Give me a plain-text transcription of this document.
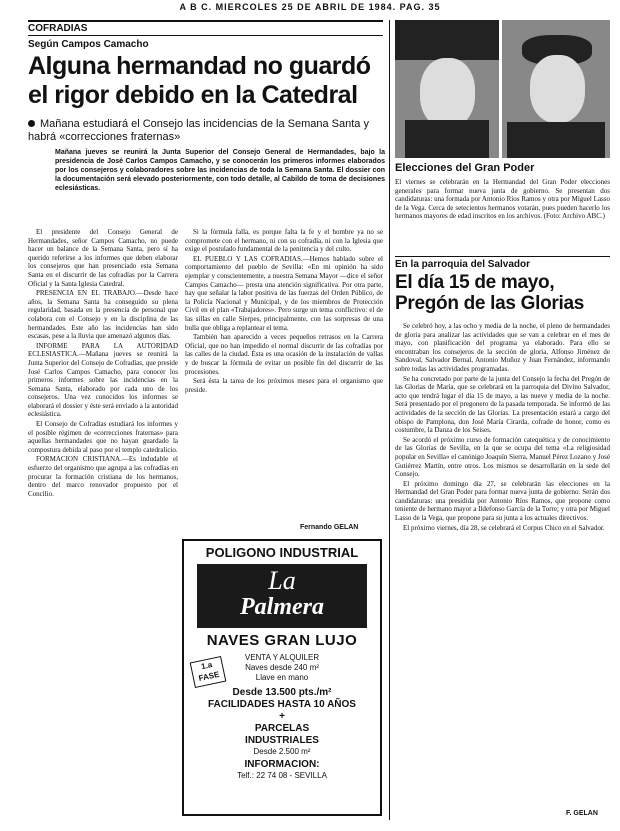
A B C. MIERCOLES 25 DE ABRIL DE 1984. PAG. 35
COFRADIAS
Según Campos Camacho
Alguna hermandad no guardó
el rigor debido en la Catedral
Mañana estudiará el Consejo las incidencias de la Semana Santa y habrá «correcciones fraternas»
Mañana jueves se reunirá la Junta Superior del Consejo General de Hermandades, bajo la presidencia de José Carlos Campos Camacho, y se conocerán los primeros informes elaborados por los consejeros y colaboradores sobre las incidencias de toda la Semana Santa. El dossier con la documentación será elevado posteriormente, con todo detalle, al Cabildo de toma de decisiones eclesiásticas.

El presidente del Consejo General de Hermandades, señor Campos Camacho, no puede hacer un balance de la Semana Santa, pero sí ha querido referirse a los informes que deben elaborar los consejeros que han presenciado esta Semana Santa en el discurrir de las cofradías por la Carrera Oficial y la Santa Iglesia Catedral.

PRESENCIA EN EL TRABAJO.—Desde hace años, la Semana Santa ha conseguido su plena regularidad, basada en la presencia de personal que colabora con el Consejo y en la disciplina de las hermandades. Este año las incidencias han sido escasas, pese a la lluvia que amenazó algunos días.

INFORME PARA LA AUTORIDAD ECLESIASTICA.—Mañana jueves se reunirá la Junta Superior del Consejo de Cofradías, que preside José Carlos Campos Camacho, para conocer los primeros informes sobre las incidencias en la Semana Santa, elaborado por cada uno de los consejeros. Una vez conocidos los informes se elaborará el dossier y éste será enviado a la autoridad eclesiástica.

El Consejo de Cofradías estudiará los informes y el posible régimen de «correcciones fraternas» para aquellas hermandades que no hayan guardado la compostura debida al paso por el templo catedralicio.

FORMACION CRISTIANA.—Es indudable el esfuerzo del organismo que agrupa a las cofradías en procurar la formación cristiana de los hermanos, dentro del marco renovador propuesto por el Concilio.

Si la fórmula falla, es porque falta la fe y el hombre ya no se compromete con el hermano, ni con su cofradía, ni con la Iglesia que exige el postulado fundamental de la penitencia y del culto.

EL PUEBLO Y LAS COFRADIAS.—Hemos hablado sobre el comportamiento del pueblo de Sevilla: «En mi opinión ha sido ejemplar y conscientemente, a nuestra Semana Mayor —dice el señor Campos Camacho— presta una atención significativa. Por otra parte, hay que señalar la labor positiva de las fuerzas del Orden Público, de la Policía Nacional y Municipal, y de los miembros de Protección Civil en el plan «Trabajadores». Pero surge un tema conflictivo: el de las sillas en calle Sierpes, principalmente, con las sorpresas de una bulla que obliga a replantear el tema.

También han aparecido a veces pequeños retrasos en la Carrera Oficial, que no han impedido el normal discurrir de las cofradías por las calles de la ciudad. Ésta es una ocasión de la instalación de vallas y de buscar la fórmula de evitar un posible fin del discurrir de las procesiones.

Será ésta la tarea de los próximos meses para el organismo que preside.

Fernando GELAN
Elecciones del Gran Poder
El viernes se celebrarán en la Hermandad del Gran Poder elecciones generales para formar nueva junta de gobierno. Se presentan dos candidaturas: una formada por Antonio Ríos Ramos y otra por Miguel Lasso de la Vega. Cerca de setecientos hermanos votarán, pues pueden hacerlo los hermanos mayores de edad inscritos en los archivos. (Foto: Archivo ABC.)
En la parroquia del Salvador
El día 15 de mayo,
Pregón de las Glorias

Se celebró hoy, a las ocho y media de la noche, el pleno de hermandades de gloria para analizar las actividades que se van a celebrar en el mes de mayo, con planificación del programa ya elaborado. Para ello se encontraban los consejeros de la sección de gloria, Alfonso Jiménez de Sandoval, Salvador Bernal, Antonio Muñoz y Juan Fernández, informando sobre todas las actividades programadas.

Se ha concretado por parte de la junta del Consejo la fecha del Pregón de las Glorias de María, que se celebrará en la parroquia del Divino Salvador, acto que tendrá lugar el día 15 de mayo, a las nueve y media de la noche. Será presentado por el pregonero de la pasada temporada. Se informó de las actividades de la sección de las Glorias. La presentación estará a cargo del obispo de Pamplona, don José María Cirarda, cofrade de honor, como es costumbre, la Danza de los Seises.

Se acordó el próximo curso de formación catequética y de conocimiento de las Glorias de Sevilla, en la que se ocupa del tema «La religiosidad popular en Sevilla» el canónigo Joaquín Sierra, Manuel Pérez Lozano y José Gutiérrez Martín, entre otros. Los mismos se desarrollarán en la sede del Consejo.

El próximo domingo día 27, se celebrarán las elecciones en la Hermandad del Gran Poder para formar nueva junta de gobierno. Serán dos candidaturas: una presidida por Antonio Ríos Ramos, que propone como teniente de hermano mayor a Ildefonso García de la Torre; y otra por Miguel Lasso de la Vega, que propone para su junta a los actuales directivos.

El próximo viernes, día 28, se celebrará el Corpus Chico en el Salvador.

F. GELAN
POLIGONO INDUSTRIAL
La
Palmera
NAVES GRAN LUJO
1.a FASE
VENTA Y ALQUILER
Naves desde 240 m²
Llave en mano
Desde 13.500 pts./m²
FACILIDADES HASTA 10 AÑOS
+
PARCELAS
INDUSTRIALES
Desde 2.500 m²
INFORMACION:
Telf.: 22 74 08 - SEVILLA
